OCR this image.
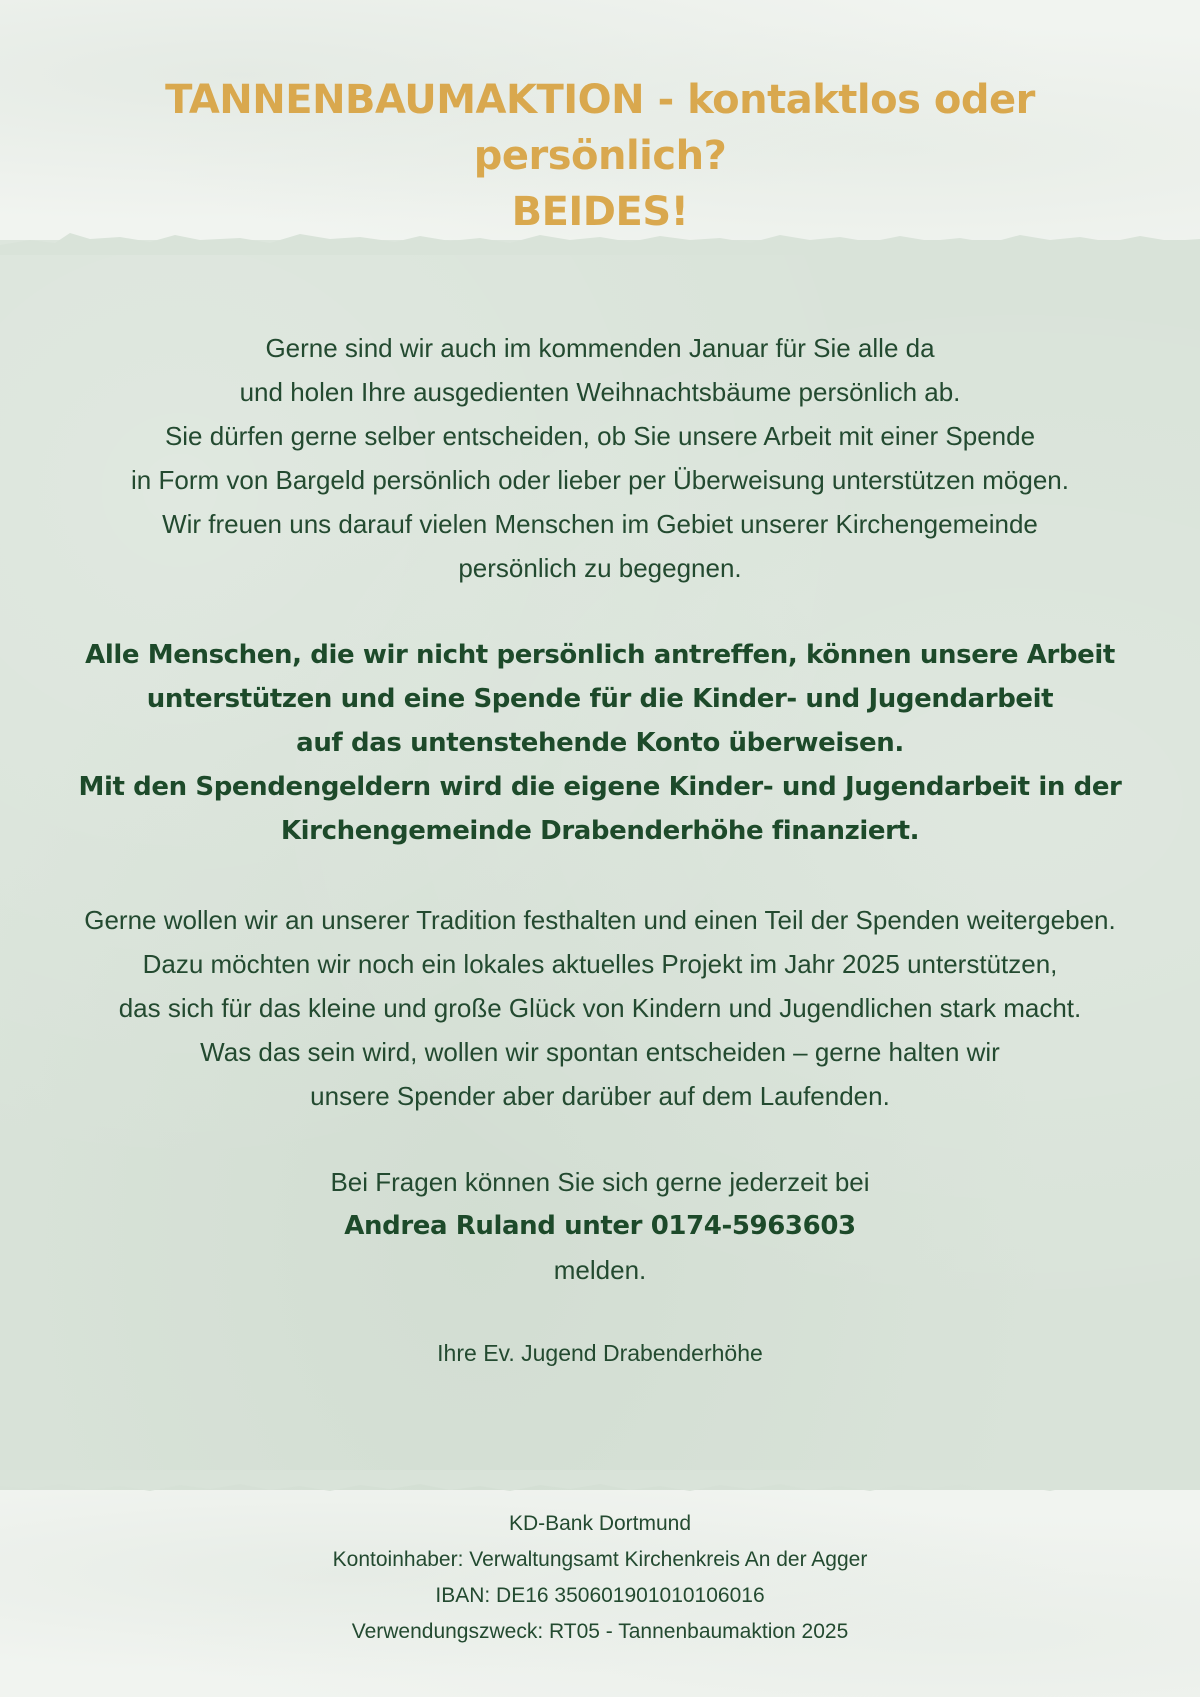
TANNENBAUMAKTION - kontaktlos oder persönlich?
BEIDES!
Gerne sind wir auch im kommenden Januar für Sie alle da
und holen Ihre ausgedienten Weihnachtsbäume persönlich ab.
Sie dürfen gerne selber entscheiden, ob Sie unsere Arbeit mit einer Spende
in Form von Bargeld persönlich oder lieber per Überweisung unterstützen mögen.
Wir freuen uns darauf vielen Menschen im Gebiet unserer Kirchengemeinde
persönlich zu begegnen.
Alle Menschen, die wir nicht persönlich antreffen, können unsere Arbeit
unterstützen und eine Spende für die Kinder- und Jugendarbeit
auf das untenstehende Konto überweisen.
Mit den Spendengeldern wird die eigene Kinder- und Jugendarbeit in der
Kirchengemeinde Drabenderhöhe finanziert.
Gerne wollen wir an unserer Tradition festhalten und einen Teil der Spenden weitergeben.
Dazu möchten wir noch ein lokales aktuelles Projekt im Jahr 2025 unterstützen,
das sich für das kleine und große Glück von Kindern und Jugendlichen stark macht.
Was das sein wird, wollen wir spontan entscheiden – gerne halten wir
unsere Spender aber darüber auf dem Laufenden.
Bei Fragen können Sie sich gerne jederzeit bei
Andrea Ruland unter 0174-5963603
melden.
Ihre Ev. Jugend Drabenderhöhe
KD-Bank Dortmund
Kontoinhaber: Verwaltungsamt Kirchenkreis An der Agger
IBAN: DE16 350601901010106016
Verwendungszweck: RT05 - Tannenbaumaktion 2025
